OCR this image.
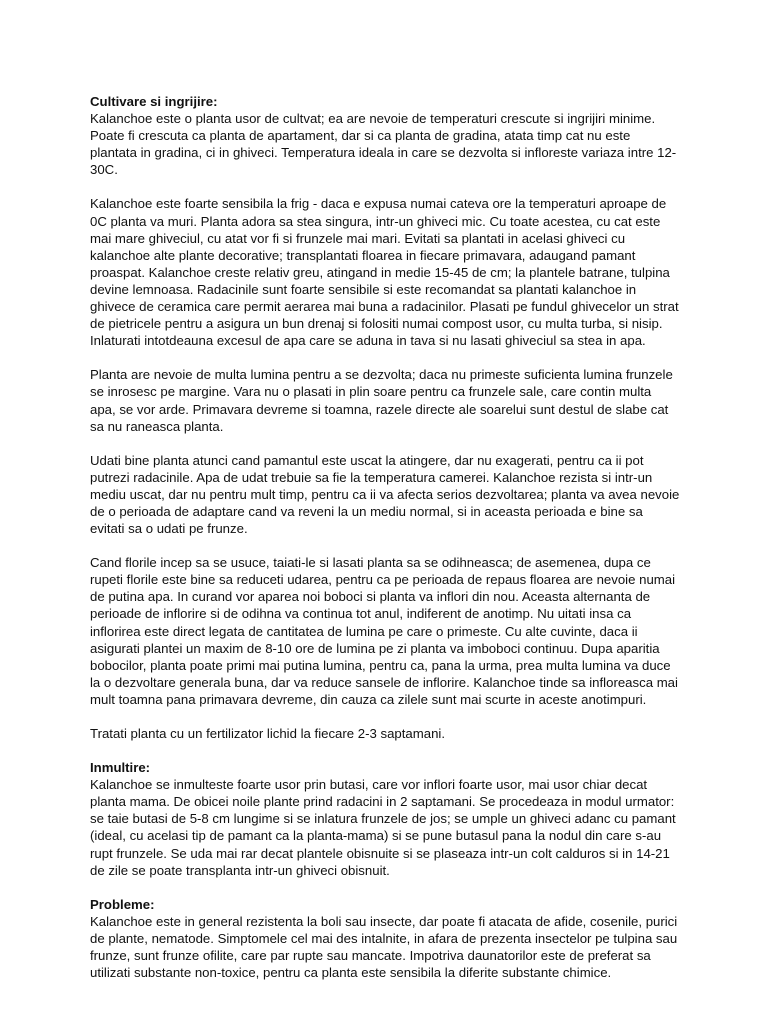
Cultivare si ingrijire:
Kalanchoe este o planta usor de cultvat; ea are nevoie de temperaturi crescute si ingrijiri minime. Poate fi crescuta ca planta de apartament, dar si ca planta de gradina, atata timp cat nu este plantata in gradina, ci in ghiveci. Temperatura ideala in care se dezvolta si infloreste variaza intre 12-30C.
Kalanchoe este foarte sensibila la frig - daca e expusa numai cateva ore la temperaturi aproape de 0C planta va muri. Planta adora sa stea singura, intr-un ghiveci mic. Cu toate acestea, cu cat este mai mare ghiveciul, cu atat vor fi si frunzele mai mari. Evitati sa plantati in acelasi ghiveci cu kalanchoe alte plante decorative; transplantati floarea in fiecare primavara, adaugand pamant proaspat. Kalanchoe creste relativ greu, atingand in medie 15-45 de cm; la plantele batrane, tulpina devine lemnoasa. Radacinile sunt foarte sensibile si este recomandat sa plantati kalanchoe in ghivece de ceramica care permit aerarea mai buna a radacinilor. Plasati pe fundul ghivecelor un strat de pietricele pentru a asigura un bun drenaj si folositi numai compost usor, cu multa turba, si nisip. Inlaturati intotdeauna excesul de apa care se aduna in tava si nu lasati ghiveciul sa stea in apa.
Planta are nevoie de multa lumina pentru a se dezvolta; daca nu primeste suficienta lumina frunzele se inrosesc pe margine. Vara nu o plasati in plin soare pentru ca frunzele sale, care contin multa apa, se vor arde. Primavara devreme si toamna, razele directe ale soarelui sunt destul de slabe cat sa nu raneasca planta.
Udati bine planta atunci cand pamantul este uscat la atingere, dar nu exagerati, pentru ca ii pot putrezi radacinile. Apa de udat trebuie sa fie la temperatura camerei. Kalanchoe rezista si intr-un mediu uscat, dar nu pentru mult timp, pentru ca ii va afecta serios dezvoltarea; planta va avea nevoie de o perioada de adaptare cand va reveni la un mediu normal, si in aceasta perioada e bine sa evitati sa o udati pe frunze.
Cand florile incep sa se usuce, taiati-le si lasati planta sa se odihneasca; de asemenea, dupa ce rupeti florile este bine sa reduceti udarea, pentru ca pe perioada de repaus floarea are nevoie numai de putina apa. In curand vor aparea noi boboci si planta va inflori din nou. Aceasta alternanta de perioade de inflorire si de odihna va continua tot anul, indiferent de anotimp. Nu uitati insa ca inflorirea este direct legata de cantitatea de lumina pe care o primeste. Cu alte cuvinte, daca ii asigurati plantei un maxim de 8-10 ore de lumina pe zi planta va imboboci continuu. Dupa aparitia bobocilor, planta poate primi mai putina lumina, pentru ca, pana la urma, prea multa lumina va duce la o dezvoltare generala buna, dar va reduce sansele de inflorire. Kalanchoe tinde sa infloreasca mai mult toamna pana primavara devreme, din cauza ca zilele sunt mai scurte in aceste anotimpuri.
Tratati planta cu un fertilizator lichid la fiecare 2-3 saptamani.
Inmultire:
Kalanchoe se inmulteste foarte usor prin butasi, care vor inflori foarte usor, mai usor chiar decat planta mama. De obicei noile plante prind radacini in 2 saptamani. Se procedeaza in modul urmator: se taie butasi de 5-8 cm lungime si se inlatura frunzele de jos; se umple un ghiveci adanc cu pamant (ideal, cu acelasi tip de pamant ca la planta-mama) si se pune butasul pana la nodul din care s-au rupt frunzele. Se uda mai rar decat plantele obisnuite si se plaseaza intr-un colt calduros si in 14-21 de zile se poate transplanta intr-un ghiveci obisnuit.
Probleme:
Kalanchoe este in general rezistenta la boli sau insecte, dar poate fi atacata de afide, cosenile, purici de plante, nematode. Simptomele cel mai des intalnite, in afara de prezenta insectelor pe tulpina sau frunze, sunt frunze ofilite, care par rupte sau mancate. Impotriva daunatorilor este de preferat sa utilizati substante non-toxice, pentru ca planta este sensibila la diferite substante chimice.
